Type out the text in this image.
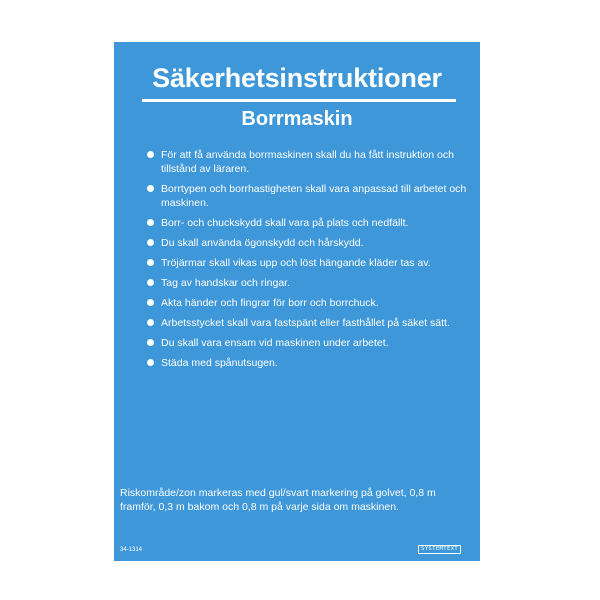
Säkerhetsinstruktioner
Borrmaskin
För att få använda borrmaskinen skall du ha fått instruktion och tillstånd av läraren.
Borrtypen och borrhastigheten skall vara anpassad till arbetet och maskinen.
Borr- och chuckskydd skall vara på plats och nedfällt.
Du skall använda ögonskydd och hårskydd.
Tröjärmar skall vikas upp och löst hängande kläder tas av.
Tag av handskar och ringar.
Akta händer och fingrar för borr och borrchuck.
Arbetsstycket skall vara fastspänt eller fasthållet på säket sätt.
Du skall vara ensam vid maskinen under arbetet.
Städa med spånutsugen.
Riskområde/zon markeras med gul/svart markering på golvet, 0,8 m framför, 0,3 m bakom och 0,8 m på varje sida om maskinen.
34-1314	SYSTEMTEXT
